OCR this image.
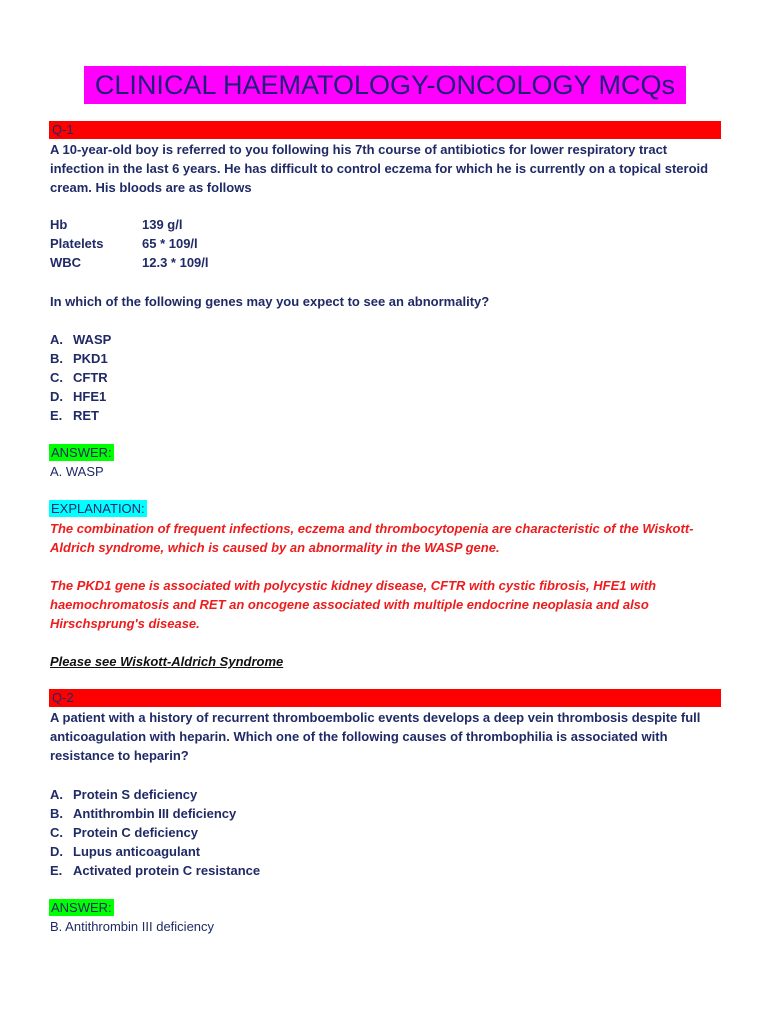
CLINICAL HAEMATOLOGY-ONCOLOGY MCQs
Q-1
A 10-year-old boy is referred to you following his 7th course of antibiotics for lower respiratory tract infection in the last 6 years. He has difficult to control eczema for which he is currently on a topical steroid cream. His bloods are as follows
Hb	139 g/l
Platelets	65 * 109/l
WBC	12.3 * 109/l
In which of the following genes may you expect to see an abnormality?
A. WASP
B. PKD1
C. CFTR
D. HFE1
E. RET
ANSWER:
A. WASP
EXPLANATION:
The combination of frequent infections, eczema and thrombocytopenia are characteristic of the Wiskott-Aldrich syndrome, which is caused by an abnormality in the WASP gene.
The PKD1 gene is associated with polycystic kidney disease, CFTR with cystic fibrosis, HFE1 with haemochromatosis and RET an oncogene associated with multiple endocrine neoplasia and also Hirschsprung's disease.
Please see Wiskott-Aldrich Syndrome
Q-2
A patient with a history of recurrent thromboembolic events develops a deep vein thrombosis despite full anticoagulation with heparin. Which one of the following causes of thrombophilia is associated with resistance to heparin?
A. Protein S deficiency
B. Antithrombin III deficiency
C. Protein C deficiency
D. Lupus anticoagulant
E. Activated protein C resistance
ANSWER:
B. Antithrombin III deficiency
